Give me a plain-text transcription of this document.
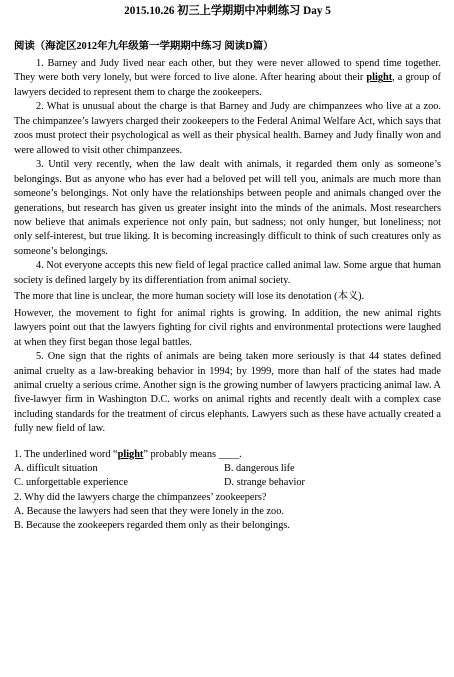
2015.10.26 初三上学期期中冲刺练习 Day 5
阅读（海淀区2012年九年级第一学期期中练习 阅读D篇）

1. Barney and Judy lived near each other, but they were never allowed to spend time together. They were both very lonely, but were forced to live alone. After hearing about their plight, a group of lawyers decided to represent them to charge the zookeepers.

2. What is unusual about the charge is that Barney and Judy are chimpanzees who live at a zoo. The chimpanzee’s lawyers charged their zookeepers to the Federal Animal Welfare Act, which says that zoos must protect their psychological as well as their physical health. Barney and Judy finally won and were allowed to visit other chimpanzees.

3. Until very recently, when the law dealt with animals, it regarded them only as someone’s belongings. But as anyone who has ever had a beloved pet will tell you, animals are much more than someone’s belongings. Not only have the relationships between people and animals changed over the generations, but research has given us greater insight into the minds of the animals. Most researchers now believe that animals experience not only pain, but sadness; not only hunger, but loneliness; not only self-interest, but true liking. It is becoming increasingly difficult to think of such creatures only as someone’s belongings.

4. Not everyone accepts this new field of legal practice called animal law. Some argue that human society is defined largely by its differentiation from animal society.

The more that line is unclear, the more human society will lose its denotation (本义).

However, the movement to fight for animal rights is growing. In addition, the new animal rights lawyers point out that the lawyers fighting for civil rights and environmental protections were laughed at when they first began those legal battles.

5. One sign that the rights of animals are being taken more seriously is that 44 states defined animal cruelty as a law-breaking behavior in 1994; by 1999, more than half of the states had made animal cruelty a serious crime. Another sign is the growing number of lawyers practicing animal law. A five-lawyer firm in Washington D.C. works on animal rights and recently dealt with a complex case including standards for the treatment of circus elephants. Lawyers such as these have actually created a fully new field of law.

1. The underlined word “plight” probably means ____.

A. difficult situation	B. dangerous life
C. unforgettable experience	D. strange behavior

2. Why did the lawyers charge the chimpanzees’ zookeepers?

A. Because the lawyers had seen that they were lonely in the zoo.

B. Because the zookeepers regarded them only as their belongings.
